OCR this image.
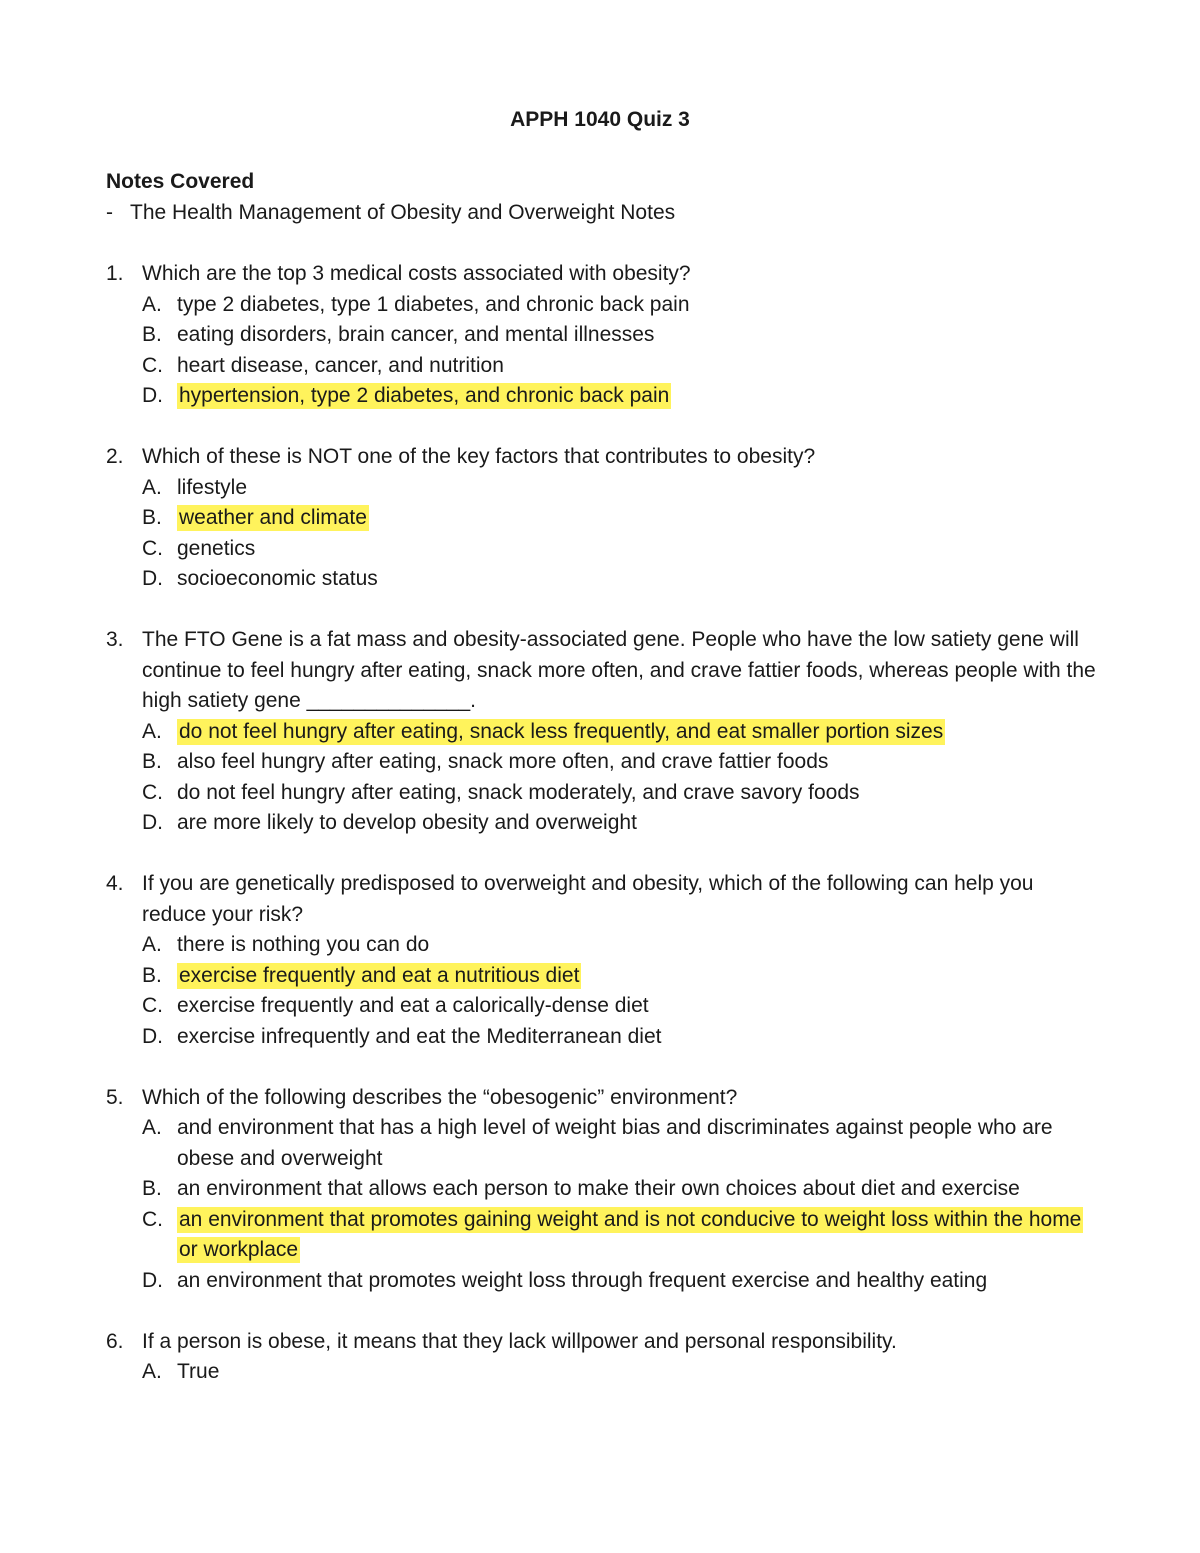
APPH 1040 Quiz 3
Notes Covered
- The Health Management of Obesity and Overweight Notes
1. Which are the top 3 medical costs associated with obesity?
A. type 2 diabetes, type 1 diabetes, and chronic back pain
B. eating disorders, brain cancer, and mental illnesses
C. heart disease, cancer, and nutrition
D. hypertension, type 2 diabetes, and chronic back pain
2. Which of these is NOT one of the key factors that contributes to obesity?
A. lifestyle
B. weather and climate
C. genetics
D. socioeconomic status
3. The FTO Gene is a fat mass and obesity-associated gene. People who have the low satiety gene will continue to feel hungry after eating, snack more often, and crave fattier foods, whereas people with the high satiety gene ______________.
A. do not feel hungry after eating, snack less frequently, and eat smaller portion sizes
B. also feel hungry after eating, snack more often, and crave fattier foods
C. do not feel hungry after eating, snack moderately, and crave savory foods
D. are more likely to develop obesity and overweight
4. If you are genetically predisposed to overweight and obesity, which of the following can help you reduce your risk?
A. there is nothing you can do
B. exercise frequently and eat a nutritious diet
C. exercise frequently and eat a calorically-dense diet
D. exercise infrequently and eat the Mediterranean diet
5. Which of the following describes the “obesogenic” environment?
A. and environment that has a high level of weight bias and discriminates against people who are obese and overweight
B. an environment that allows each person to make their own choices about diet and exercise
C. an environment that promotes gaining weight and is not conducive to weight loss within the home or workplace
D. an environment that promotes weight loss through frequent exercise and healthy eating
6. If a person is obese, it means that they lack willpower and personal responsibility.
A. True
